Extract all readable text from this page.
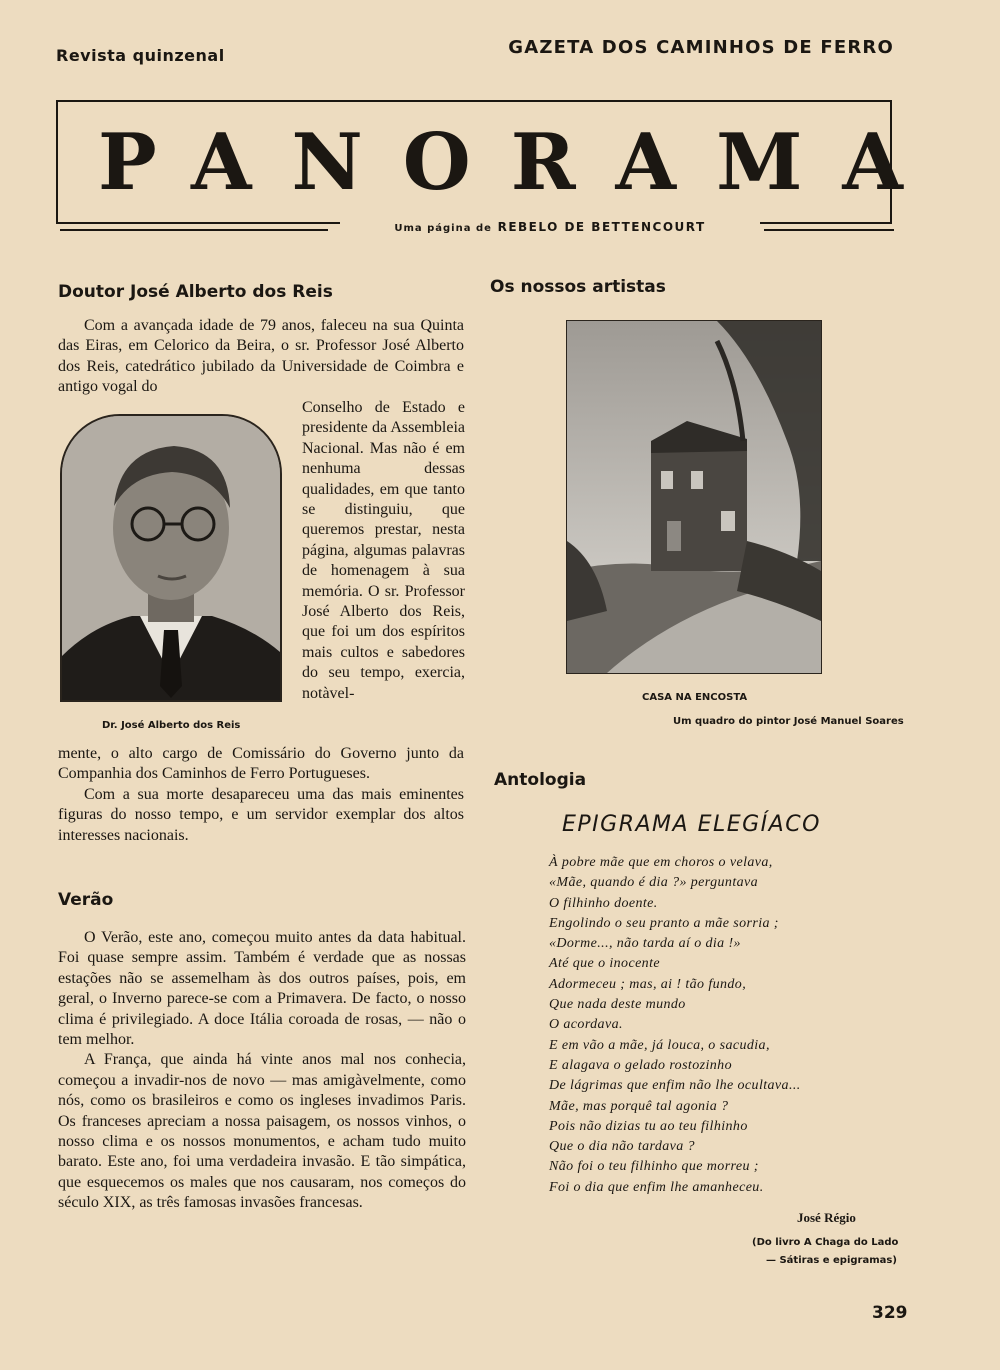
Revista quinzenal	GAZETA DOS CAMINHOS DE FERRO
PANORAMA
Uma página de REBELO DE BETTENCOURT
Doutor José Alberto dos Reis

Com a avançada idade de 79 anos, faleceu na sua Quinta das Eiras, em Celorico da Beira, o sr. Professor José Alberto dos Reis, catedrático jubilado da Universidade de Coimbra e antigo vogal do

Dr. José Alberto dos Reis

Conselho de Estado e presidente da Assembleia Nacional. Mas não é em nenhuma dessas qualidades, em que tanto se distinguiu, que queremos prestar, nesta página, algumas palavras de homenagem à sua memória. O sr. Professor José Alberto dos Reis, que foi um dos espíritos mais cultos e sabedores do seu tempo, exercia, notàvel-

mente, o alto cargo de Comissário do Governo junto da Companhia dos Caminhos de Ferro Portugueses.

Com a sua morte desapareceu uma das mais eminentes figuras do nosso tempo, e um servidor exemplar dos altos interesses nacionais.

Verão

O Verão, este ano, começou muito antes da data habitual. Foi quase sempre assim. Também é verdade que as nossas estações não se assemelham às dos outros países, pois, em geral, o Inverno parece-se com a Primavera. De facto, o nosso clima é privilegiado. A doce Itália coroada de rosas, — não o tem melhor.

A França, que ainda há vinte anos mal nos conhecia, começou a invadir-nos de novo — mas amigàvelmente, como nós, como os brasileiros e como os ingleses invadimos Paris. Os franceses apreciam a nossa paisagem, os nossos vinhos, o nosso clima e os nossos monumentos, e acham tudo muito barato. Este ano, foi uma verdadeira invasão. E tão simpática, que esquecemos os males que nos causaram, nos começos do século XIX, as três famosas invasões francesas.

Os nossos artistas
CASA NA ENCOSTA
Um quadro do pintor José Manuel Soares
Antologia
EPIGRAMA ELEGÍACO
À pobre mãe que em choros o velava,
«Mãe, quando é dia ?» perguntava
O filhinho doente.
Engolindo o seu pranto a mãe sorria ;
«Dorme..., não tarda aí o dia !»
Até que o inocente
Adormeceu ; mas, ai ! tão fundo,
Que nada deste mundo
O acordava.
E em vão a mãe, já louca, o sacudia,
E alagava o gelado rostozinho
De lágrimas que enfim não lhe ocultava...
Mãe, mas porquê tal agonia ?
Pois não dizias tu ao teu filhinho
Que o dia não tardava ?
Não foi o teu filhinho que morreu ;
Foi o dia que enfim lhe amanheceu.
José Régio
(Do livro A Chaga do Lado
— Sátiras e epigramas)
329
